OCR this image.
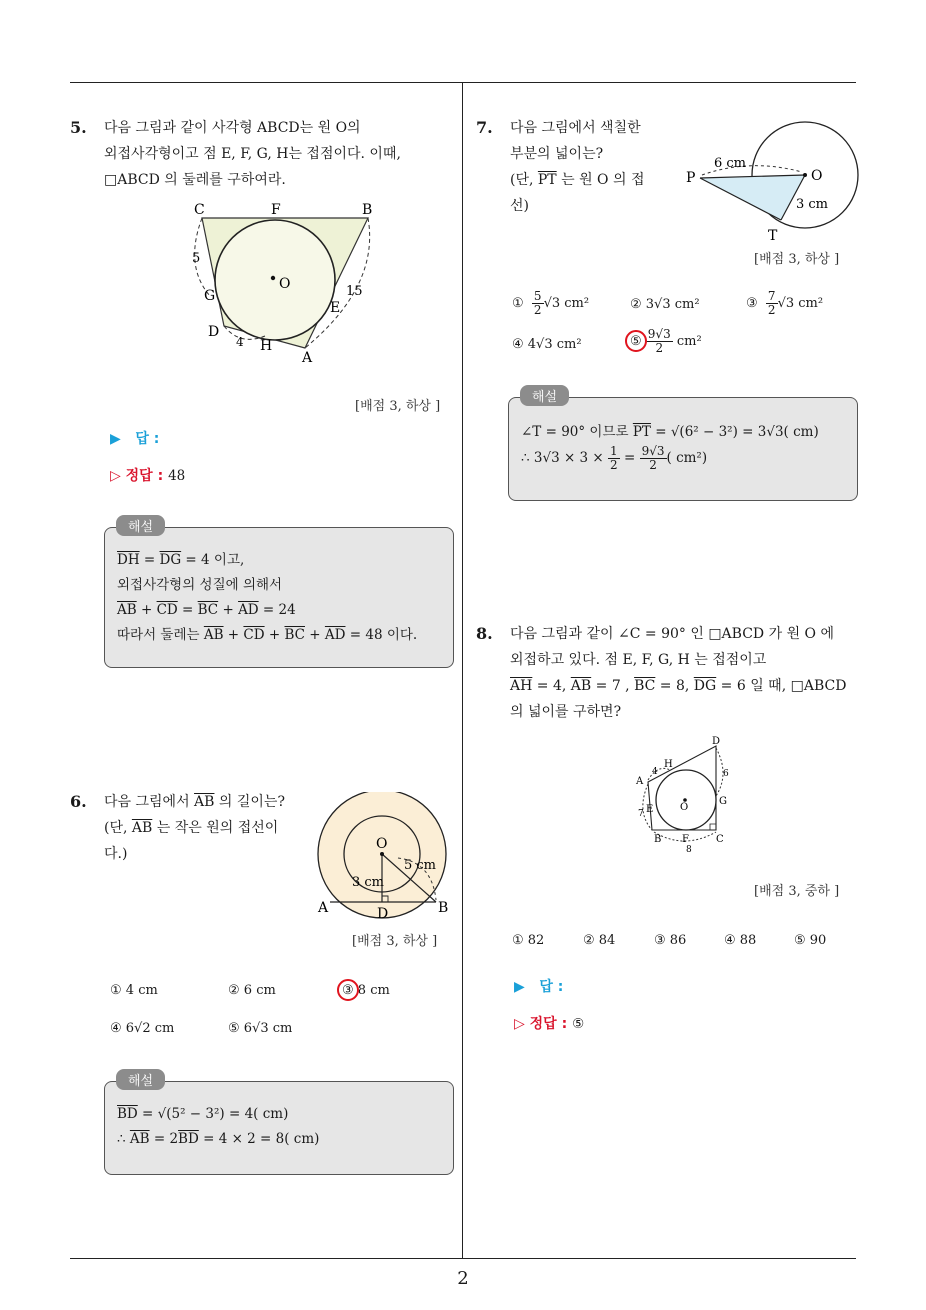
2
5. 다음 그림과 같이 사각형 ABCD는 원 O의
외접사각형이고 점 E, F, G, H는 접점이다. 이때,
□ABCD 의 둘레를 구하여라.
C	F	B
5
O
G	15
E
D
4 H
A
[배점 3, 하상 ]
▶ 답 :
▷ 정답 : 48
$\overline{DH} = \overline{DG} = 4$ 이고,
외접사각형의 성질에 의해서
$\overline{AB} + \overline{CD} = \overline{BC} + \overline{AD} = 24$
따라서 둘레는 $\overline{AB} + \overline{CD} + \overline{BC} + \overline{AD} = 48$ 이다.
해설
6. 다음 그림에서 $\overline{AB}$ 의 길이는?
(단, $\overline{AB}$ 는 작은 원의 접선이
다.)
O
5 cm
3 cm
A	D	B
[배점 3, 하상 ]
① 4 cm	② 6 cm	③ 8 cm
④ 6√2 cm	⑤ 6√3 cm
$\overline{BD} = √(5^2 - 3^2) = 4$( cm)
∴ $\overline{AB} = 2\overline{BD} = 4 \times 2 = 8$( cm)
해설
7. 다음 그림에서 색칠한
부분의 넓이는?
(단, $\overline{PT}$ 는 원 O 의 접
선)
6 cm
P	O
3 cm
T
[배점 3, 하상 ]
① $\frac{5}{2} √3$ cm²	② 3√3 cm²	③ $\frac{7}{2} √3$ cm²
④ 4√3 cm²	⑤
$\frac{9√3}{2} cm^2$
∠T = 90° 이므로 $\overline{PT} = √(6^2 - 3^2) = 3√3$( cm)
∴ $3√3 \times 3 \times \frac{1}{2} = \frac{9√3}{2}$ ( cm²)
해설
8. 다음 그림과 같이 ∠C = 90° 인 □ABCD 가 원 O 에
외접하고 있다. 점 E, F, G, H 는 접점이고
$\overline{AH} = 4$, $\overline{AB} = 7$ , $\overline{BC} = 8$, $\overline{DG} = 6$ 일 때, □ABCD
의 넓이를 구하면?
D
H
4
A
6
E	O
G
7
B F	C
8
[배점 3, 중하 ]
① 82	② 84	③ 86	④ 88	⑤ 90
▶ 답 :
▷ 정답 : ⑤
